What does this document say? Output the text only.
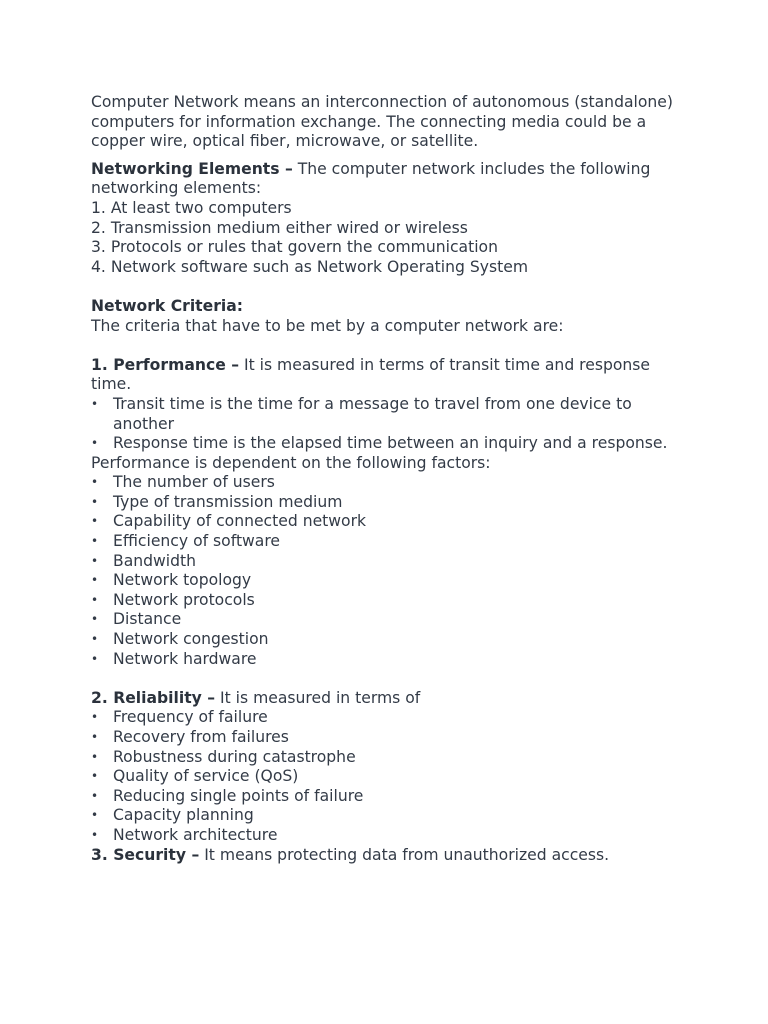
Computer Network means an interconnection of autonomous (standalone) computers for information exchange. The connecting media could be a copper wire, optical fiber, microwave, or satellite.

Networking Elements – The computer network includes the following networking elements:

1. At least two computers
2. Transmission medium either wired or wireless
3. Protocols or rules that govern the communication
4. Network software such as Network Operating System

Network Criteria:

The criteria that have to be met by a computer network are:

1. Performance – It is measured in terms of transit time and response time.

• Transit time is the time for a message to travel from one device to another
• Response time is the elapsed time between an inquiry and a response.

Performance is dependent on the following factors:

• The number of users
• Type of transmission medium
• Capability of connected network
• Efficiency of software
• Bandwidth
• Network topology
• Network protocols
• Distance
• Network congestion
• Network hardware

2. Reliability – It is measured in terms of

• Frequency of failure
• Recovery from failures
• Robustness during catastrophe
• Quality of service (QoS)
• Reducing single points of failure
• Capacity planning
• Network architecture

3. Security – It means protecting data from unauthorized access.
